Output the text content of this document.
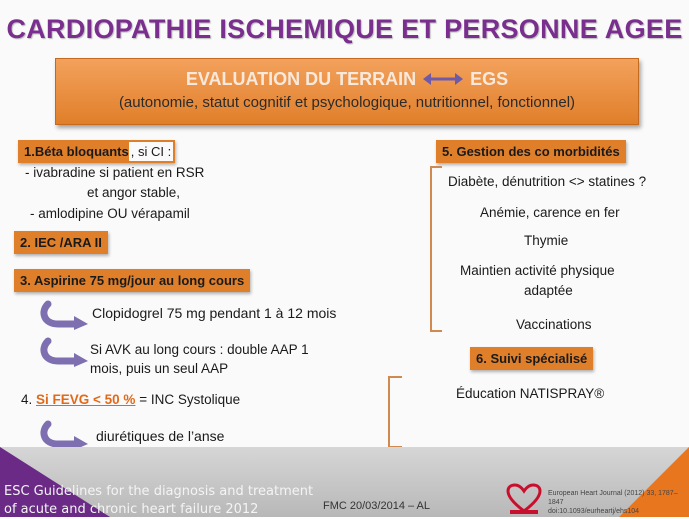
CARDIOPATHIE ISCHEMIQUE ET PERSONNE AGEE
EVALUATION DU TERRAIN	EGS
(autonomie, statut cognitif et psychologique, nutritionnel, fonctionnel)
1.Béta bloquants , si CI :
- ivabradine si patient en RSR
et angor stable,
- amlodipine OU vérapamil
2. IEC /ARA II
3. Aspirine 75 mg/jour au long cours
Clopidogrel 75 mg pendant 1 à 12 mois
Si AVK au long cours : double AAP 1
mois, puis un seul AAP
4. Si FEVG < 50 % = INC Systolique
diurétiques de l’anse
5. Gestion des co morbidités
Diabète, dénutrition <> statines ?
Anémie, carence en fer
Thymie
Maintien activité physique
adaptée
Vaccinations
6. Suivi spécialisé
Éducation NATISPRAY®
ESC Guidelines for the diagnosis and treatment
of acute and chronic heart failure 2012	FMC 20/03/2014 – AL
European Heart Journal (2012) 33, 1787–1847
doi:10.1093/eurheartj/ehs104
